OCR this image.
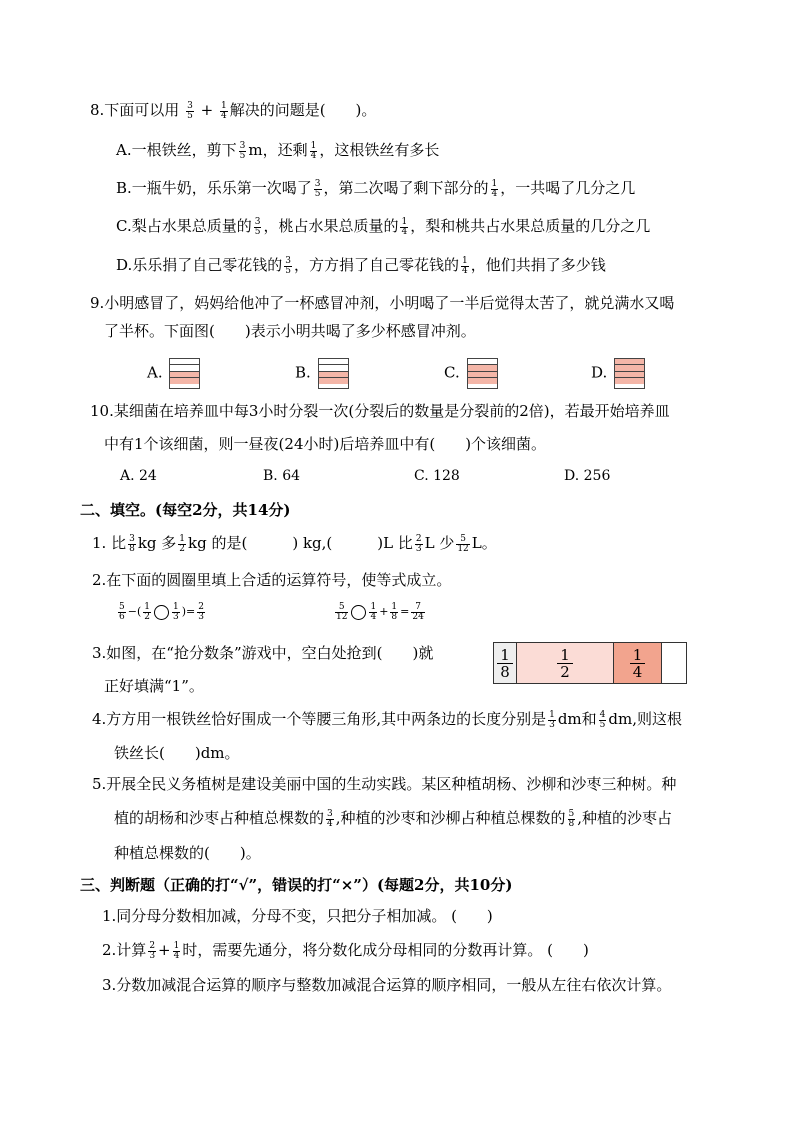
8.下面可以用 $\frac{3}{5} + \frac{1}{4}$ 解决的问题是(　　)。
A.一根铁丝，剪下 $\frac{3}{5}$ m，还剩 $\frac{1}{4}$ ，这根铁丝有多长
B.一瓶牛奶，乐乐第一次喝了 $\frac{3}{5}$ ，第二次喝了剩下部分的 $\frac{1}{4}$ ，一共喝了几分之几
C.梨占水果总质量的 $\frac{3}{5}$ ，桃占水果总质量的 $\frac{1}{4}$ ，梨和桃共占水果总质量的几分之几
D.乐乐捐了自己零花钱的 $\frac{3}{5}$ ，方方捐了自己零花钱的 $\frac{1}{4}$ ，他们共捐了多少钱
9.小明感冒了，妈妈给他冲了一杯感冒冲剂，小明喝了一半后觉得太苦了，就兑满水又喝
了半杯。下面图(　　)表示小明共喝了多少杯感冒冲剂。
A.	B.	C.	D.
10.某细菌在培养皿中每3小时分裂一次(分裂后的数量是分裂前的2倍)，若最开始培养皿
中有1个该细菌，则一昼夜(24小时)后培养皿中有(　　)个该细菌。
A. 24	B. 64	C. 128	D. 256
二、填空。(每空2分，共14分)
1. 比 $\frac{3}{8}$ kg 多 $\frac{1}{2}$ kg 的是(　　　) kg,(　　　)L 比 $\frac{2}{3}$ L 少 $\frac{5}{12}$ L。
2.在下面的圆圈里填上合适的运算符号，使等式成立。
$\frac{5}{6}$ −( $\frac{1}{2} \frac{1}{3}$ )= $\frac{2}{3}$	$\frac{5}{12} \frac{1}{4} + \frac{1}{8} = \frac{7}{24}$
3.如图，在“抢分数条”游戏中，空白处抢到(　　)就
正好填满“1”。
$\frac{1}{8}$	$\frac{1}{2}$	$\frac{1}{4}$
4.方方用一根铁丝恰好围成一个等腰三角形,其中两条边的长度分别是 $\frac{1}{3}$ dm和 $\frac{4}{5}$ dm,则这根
铁丝长(　　)dm。
5.开展全民义务植树是建设美丽中国的生动实践。某区种植胡杨、沙柳和沙枣三种树。种
植的胡杨和沙枣占种植总棵数的 $\frac{3}{4}$ ,种植的沙枣和沙柳占种植总棵数的 $\frac{5}{8}$ ,种植的沙枣占
种植总棵数的(　　)。
三、判断题（正确的打“√”，错误的打“×”）(每题2分，共10分)
1.同分母分数相加减，分母不变，只把分子相加减。 (　　)
2.计算 $\frac{2}{3} + \frac{1}{4}$ 时，需要先通分，将分数化成分母相同的分数再计算。 (　　)
3.分数加减混合运算的顺序与整数加减混合运算的顺序相同，一般从左往右依次计算。
